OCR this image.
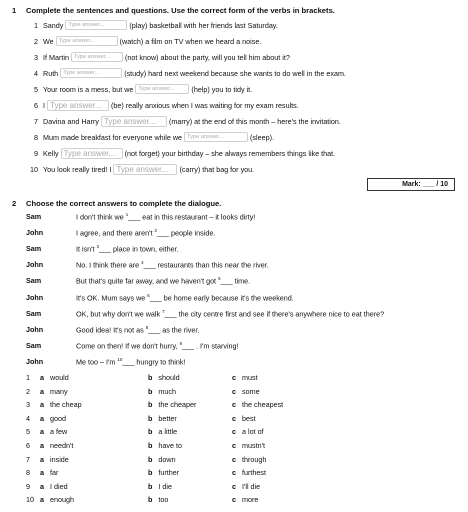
1 Complete the sentences and questions. Use the correct form of the verbs in brackets.
1 Sandy
Type answer...
	(play) basketball with her friends last Saturday.
2 We
Type answer...
	(watch) a film on TV when we heard a noise.
3 If Martin
Type answer...
	(not know) about the party, will you tell him about it?
4 Ruth
Type answer...
	(study) hard next weekend because she wants to do well in the exam.
5 Your room is a mess, but we
Type answer...
	(help) you to tidy it.
6 I
Type answer...
	(be) really anxious when I was waiting for my exam results.
7 Davina and Harry
Type answer...
	(marry) at the end of this month – here's the invitation.
8 Mum made breakfast for everyone while we
Type answer...
	(sleep).
9 Kelly
Type answer...
	(not forget) your birthday – she always remembers things like that.
10 You look really tired! I
Type answer...
	(carry) that bag for you.
Mark: ___ / 10
2 Choose the correct answers to complete the dialogue.
Sam	I don't think we $^1$___ eat in this restaurant – it looks dirty!
John	I agree, and there aren't $^2$___ people inside.
Sam	It isn't $^3$___ place in town, either.
John	No. I think there are $^4$___ restaurants than this near the river.
Sam	But that's quite far away, and we haven't got $^5$___ time.
John	It's OK. Mum says we $^6$___ be home early because it's the weekend.
Sam	OK, but why don't we walk $^7$___ the city centre first and see if there's anywhere nice to eat there?
John	Good idea! It's not as $^8$___ as the river.
Sam	Come on then! If we don't hurry, $^9$___ . I'm starving!
John	Me too – I'm $^{10}$___ hungry to think!
1 a would	b should	c must
2 a many	b much	c some
3 a the cheap	b the cheaper	c the cheapest
4 a good	b better	c best
5 a a few	b a little	c a lot of
6 a needn't	b have to	c mustn't
7 a inside	b down	c through
8 a far	b further	c furthest
9 a I died	b I die	c I'll die
10 a enough	b too	c more
